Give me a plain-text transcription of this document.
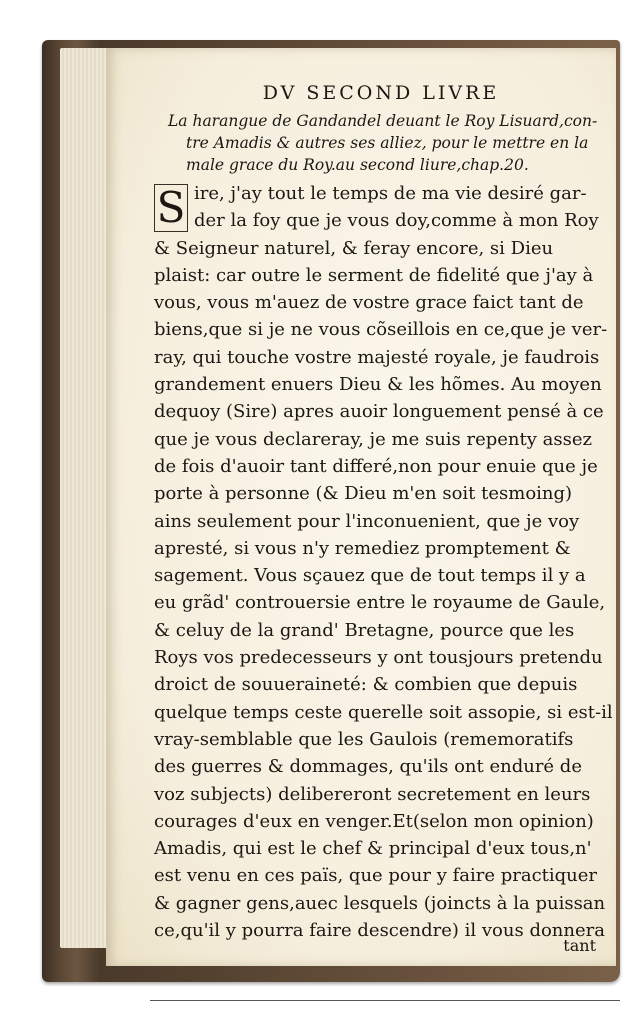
DV SECOND LIVRE
La harangue de Gandandel deuant le Roy Lisuard,con-
tre Amadis & autres ses alliez, pour le mettre en la
male grace du Roy.au second liure,chap.20.
S ire, j'ay tout le temps de ma vie desiré gar-
der la foy que je vous doy,comme à mon Roy
& Seigneur naturel, & feray encore, si Dieu
plaist: car outre le serment de fidelité que j'ay à
vous, vous m'auez de vostre grace faict tant de
biens,que si je ne vous cõseillois en ce,que je ver-
ray, qui touche vostre majesté royale, je faudrois
grandement enuers Dieu & les hõmes. Au moyen
dequoy (Sire) apres auoir longuement pensé à ce
que je vous declareray, je me suis repenty assez
de fois d'auoir tant differé,non pour enuie que je
porte à personne (& Dieu m'en soit tesmoing)
ains seulement pour l'inconuenient, que je voy
apresté, si vous n'y remediez promptement &
sagement. Vous sçauez que de tout temps il y a
eu grãd' controuersie entre le royaume de Gaule,
& celuy de la grand' Bretagne, pource que les
Roys vos predecesseurs y ont tousjours pretendu
droict de souueraineté: & combien que depuis
quelque temps ceste querelle soit assopie, si est-il
vray-semblable que les Gaulois (rememoratifs
des guerres & dommages, qu'ils ont enduré de
voz subjects) delibereront secretement en leurs
courages d'eux en venger.Et(selon mon opinion)
Amadis, qui est le chef & principal d'eux tous,n'
est venu en ces païs, que pour y faire practiquer
& gagner gens,auec lesquels (joincts à la puissan
ce,qu'il y pourra faire descendre) il vous donnera
tant
